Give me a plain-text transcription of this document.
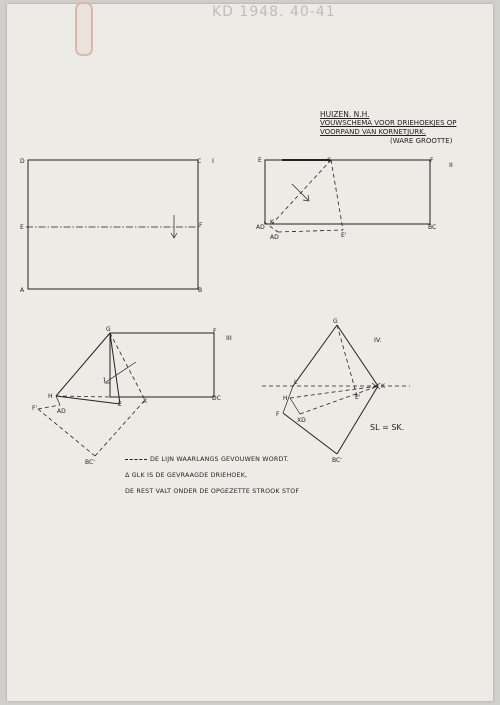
KD 1948. 40-41
HUIZEN. N.H.
VOUWSCHEMA VOOR DRIEHOEKJES OP
VOORPAND VAN KORNETJURK.
(WARE GROOTTE)
D	C I
E	F
A	B
E	C	F
II
K
AD	BC
AD	E'
G	F
III
H
F'	AD
E	X	DC
BC'
G
IV.
L
K
H	E'
F
XD
BC'
SL = SK.
DE LIJN WAARLANGS GEVOUWEN WORDT.
Δ GLK IS DE GEVRAAGDE DRIEHOEK,
DE REST VALT ONDER DE OPGEZETTE STROOK STOF
